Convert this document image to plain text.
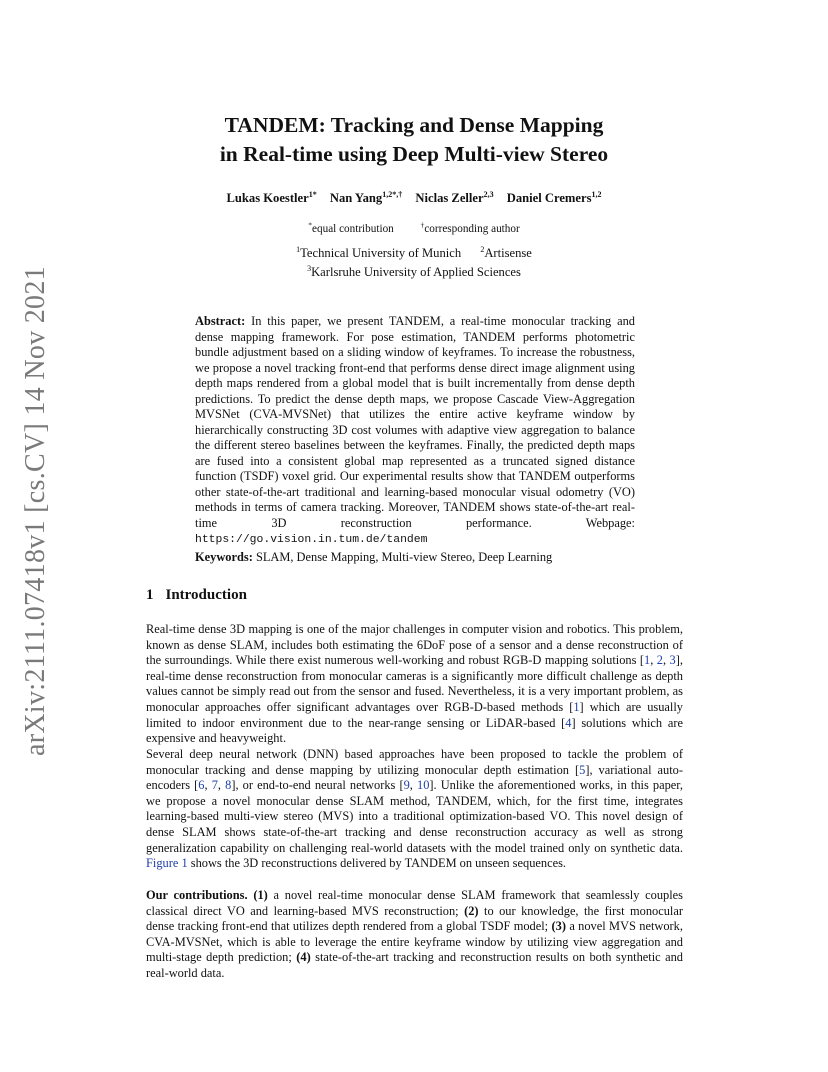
arXiv:2111.07418v1 [cs.CV] 14 Nov 2021
TANDEM: Tracking and Dense Mapping
in Real-time using Deep Multi-view Stereo
Lukas Koestler$^{1*}$ Nan Yang$^{1,2*,\dagger}$ Niclas Zeller$^{2,3}$ Daniel Cremers$^{1,2}$
*equal contribution	†corresponding author
$^1$Technical University of Munich $^2$Artisense
$^3$Karlsruhe University of Applied Sciences

Abstract: In this paper, we present TANDEM, a real-time monocular tracking and dense mapping framework. For pose estimation, TANDEM performs photometric bundle adjustment based on a sliding window of keyframes. To increase the robustness, we propose a novel tracking front-end that performs dense direct image alignment using depth maps rendered from a global model that is built incrementally from dense depth predictions. To predict the dense depth maps, we propose Cascade View-Aggregation MVSNet (CVA-MVSNet) that utilizes the entire active keyframe window by hierarchically constructing 3D cost volumes with adaptive view aggregation to balance the different stereo baselines between the keyframes. Finally, the predicted depth maps are fused into a consistent global map represented as a truncated signed distance function (TSDF) voxel grid. Our experimental results show that TANDEM outperforms other state-of-the-art traditional and learning-based monocular visual odometry (VO) methods in terms of camera tracking. Moreover, TANDEM shows state-of-the-art real-time 3D reconstruction performance. Webpage: https://go.vision.in.tum.de/tandem

Keywords: SLAM, Dense Mapping, Multi-view Stereo, Deep Learning

1 Introduction

Real-time dense 3D mapping is one of the major challenges in computer vision and robotics. This problem, known as dense SLAM, includes both estimating the 6DoF pose of a sensor and a dense reconstruction of the surroundings. While there exist numerous well-working and robust RGB-D mapping solutions [1, 2, 3], real-time dense reconstruction from monocular cameras is a significantly more difficult challenge as depth values cannot be simply read out from the sensor and fused. Nevertheless, it is a very important problem, as monocular approaches offer significant advantages over RGB-D-based methods [1] which are usually limited to indoor environment due to the near-range sensing or LiDAR-based [4] solutions which are expensive and heavyweight.

Several deep neural network (DNN) based approaches have been proposed to tackle the problem of monocular tracking and dense mapping by utilizing monocular depth estimation [5], variational auto-encoders [6, 7, 8], or end-to-end neural networks [9, 10]. Unlike the aforementioned works, in this paper, we propose a novel monocular dense SLAM method, TANDEM, which, for the first time, integrates learning-based multi-view stereo (MVS) into a traditional optimization-based VO. This novel design of dense SLAM shows state-of-the-art tracking and dense reconstruction accuracy as well as strong generalization capability on challenging real-world datasets with the model trained only on synthetic data. Figure 1 shows the 3D reconstructions delivered by TANDEM on unseen sequences.

Our contributions. (1) a novel real-time monocular dense SLAM framework that seamlessly couples classical direct VO and learning-based MVS reconstruction; (2) to our knowledge, the first monocular dense tracking front-end that utilizes depth rendered from a global TSDF model; (3) a novel MVS network, CVA-MVSNet, which is able to leverage the entire keyframe window by utilizing view aggregation and multi-stage depth prediction; (4) state-of-the-art tracking and reconstruction results on both synthetic and real-world data.
